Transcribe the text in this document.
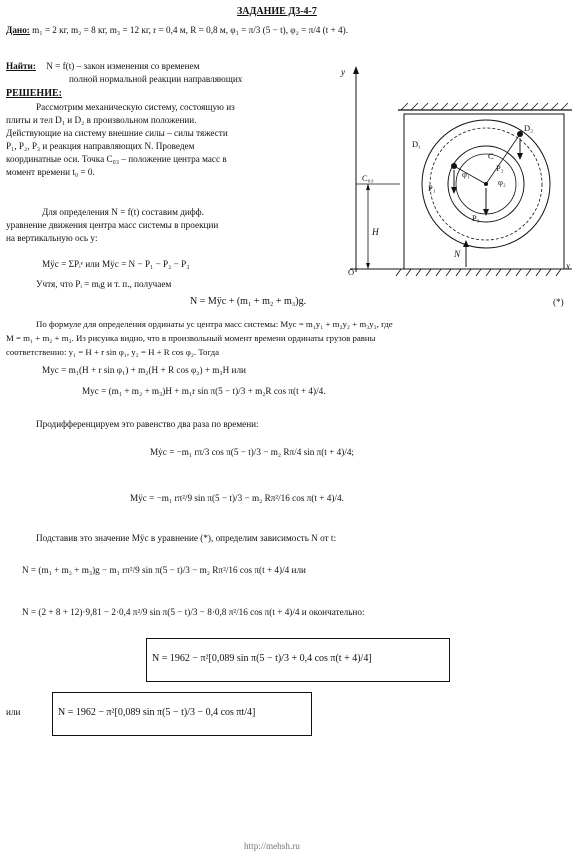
ЗАДАНИЕ Д3-4-7
Дано: m₁ = 2 кг, m₂ = 8 кг, m₃ = 12 кг, r = 0,4 м, R = 0,8 м, φ₁ = π/3 (5 − t), φ₂ = π/4 (t + 4).
Найти: N = f(t) – закон изменения со временем
полной нормальной реакции направляющих
РЕШЕНИЕ:
Рассмотрим механическую систему, состоящую из
плиты и тел D₁ и D₂ в произвольном положении.
Действующие на систему внешние силы – силы тяжести
P₁, P₂, P₃ и реакция направляющих N. Проведем
координатные оси. Точка C₀₃ – положение центра масс в
момент времени t₀ = 0.
Для определения N = f(t) составим дифф.
уравнение движения центра масс системы в проекции
на вертикальную ось y:
Mÿc = ΣPᵢᵉ или Mÿc = N − P₁ − P₂ − P₃
Учтя, что Pᵢ = mᵢg и т. п., получаем
N = Mÿc + (m₁ + m₂ + m₃)g.	(*)
По формуле для определения ординаты yc центра масс системы: Myc = m₁y₁ + m₂y₂ + m₃y₃, где
M = m₁ + m₂ + m₃. Из рисунка видно, что в произвольный момент времени ординаты грузов равны
соответственно: y₁ = H + r sin φ₁, y₂ = H + R cos φ₂. Тогда
Myc = m₁(H + r sin φ₁) + m₂(H + R cos φ₂) + m₃H или
Myc = (m₁ + m₂ + m₃)H + m₁r sin π(5 − t)/3 + m₂R cos π(t + 4)/4.
Продифференцируем это равенство два раза по времени:
Mẏc = −m₁ rπ/3 cos π(5 − t)/3 − m₂ Rπ/4 sin π(t + 4)/4;
Mÿc = −m₁ rπ²/9 sin π(5 − t)/3 − m₂ Rπ²/16 cos π(t + 4)/4.
Подставив это значение Mÿc в уравнение (*), определим зависимость N от t:
N = (m₁ + m₂ + m₃)g − m₁ rπ²/9 sin π(5 − t)/3 − m₂ Rπ²/16 cos π(t + 4)/4 или
N = (2 + 8 + 12)·9,81 − 2·0,4 π²/9 sin π(5 − t)/3 − 8·0,8 π²/16 cos π(t + 4)/4 и окончательно:
N = 1962 − π²[0,089 sin π(5 − t)/3 + 0,4 cos π(t + 4)/4]
или	N = 1962 − π²[0,089 sin π(5 − t)/3 − 0,4 cos πt/4]
http://mehsh.ru
y
C₀₃
H
D₁
D₂
C
P₁
P₂
P₃
N
φ₁
φ₂
O
x
